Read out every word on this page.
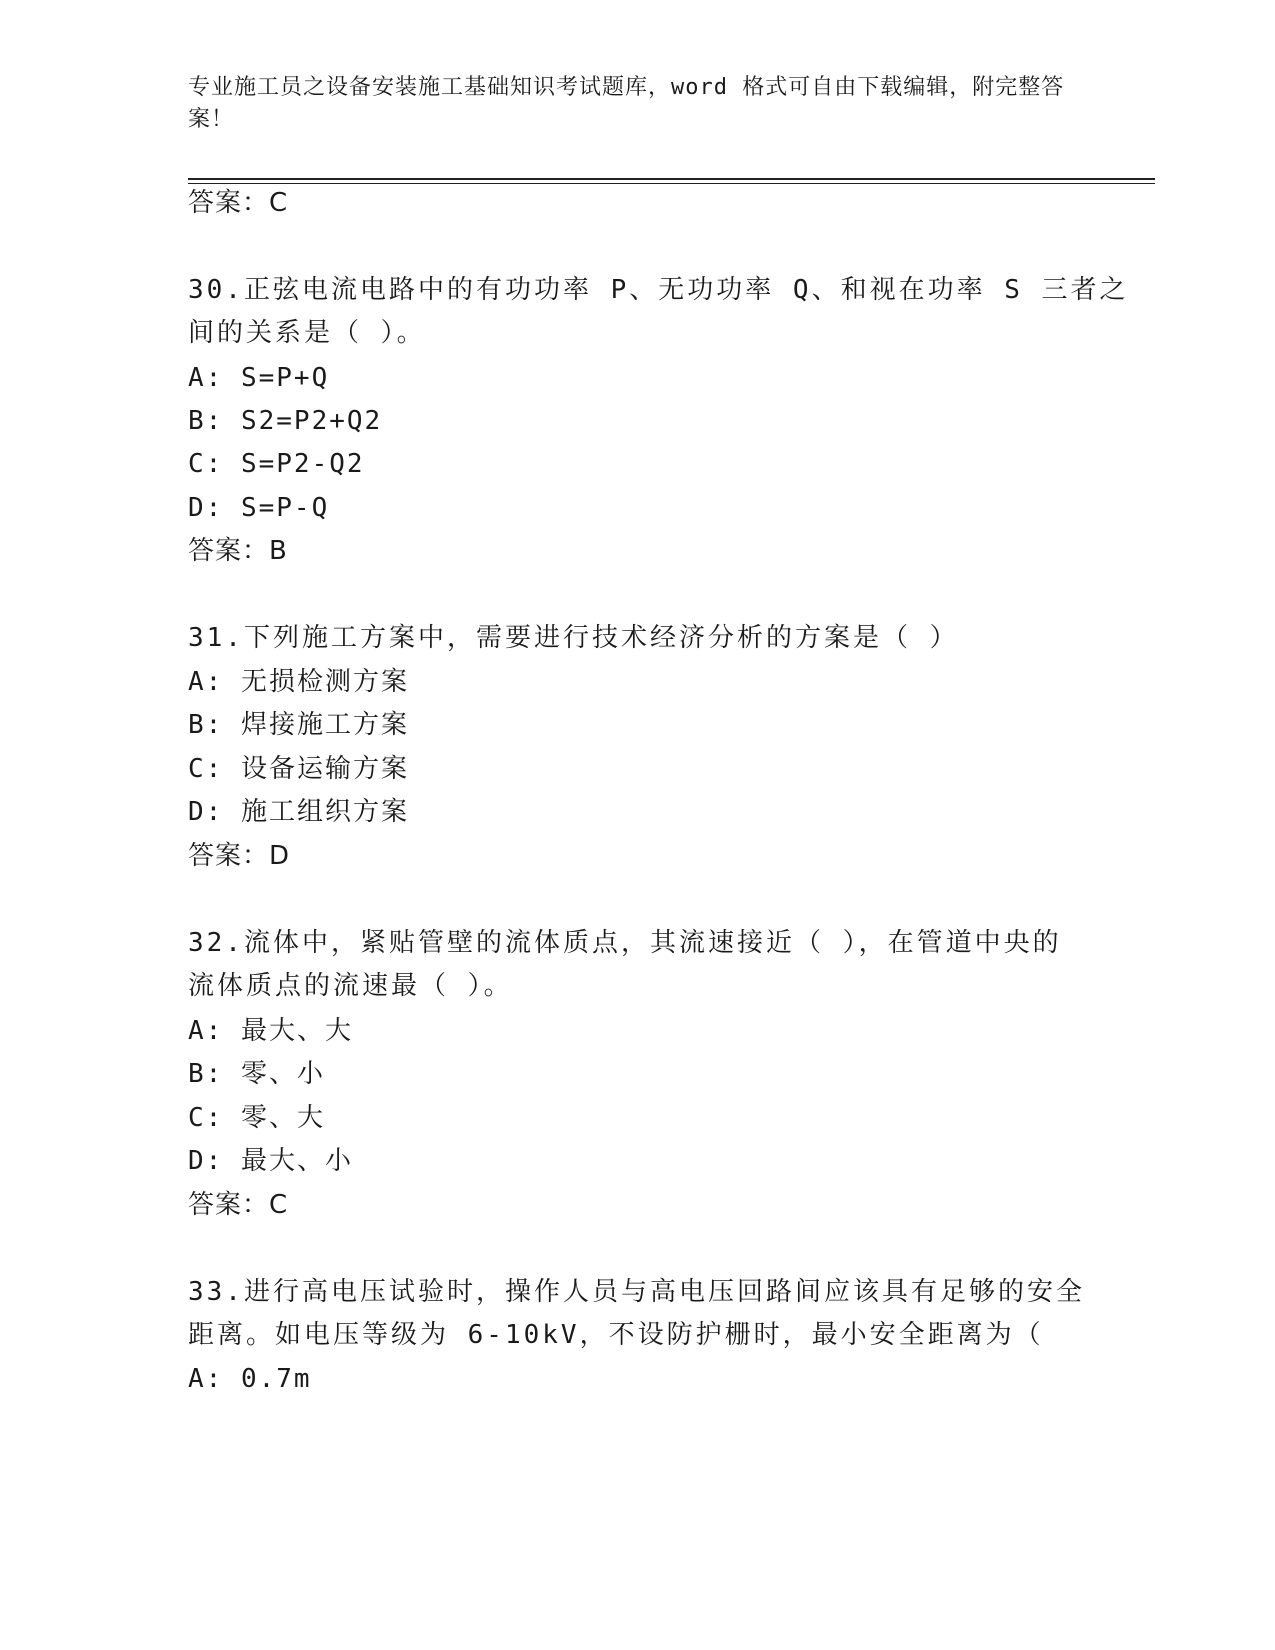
专业施工员之设备安装施工基础知识考试题库，word 格式可自由下载编辑，附完整答案！
答案：C
30.正弦电流电路中的有功功率 P、无功功率 Q、和视在功率 S 三者之
间的关系是（ ）。
A: S=P+Q
B: S2=P2+Q2
C: S=P2-Q2
D: S=P-Q
答案：B
31.下列施工方案中，需要进行技术经济分析的方案是（ ）
A: 无损检测方案
B: 焊接施工方案
C: 设备运输方案
D: 施工组织方案
答案：D
32.流体中，紧贴管壁的流体质点，其流速接近（ ），在管道中央的
流体质点的流速最（ ）。
A: 最大、大
B: 零、小
C: 零、大
D: 最大、小
答案：C
33.进行高电压试验时，操作人员与高电压回路间应该具有足够的安全
距离。如电压等级为 6-10kV，不设防护栅时，最小安全距离为（
A: 0.7m
